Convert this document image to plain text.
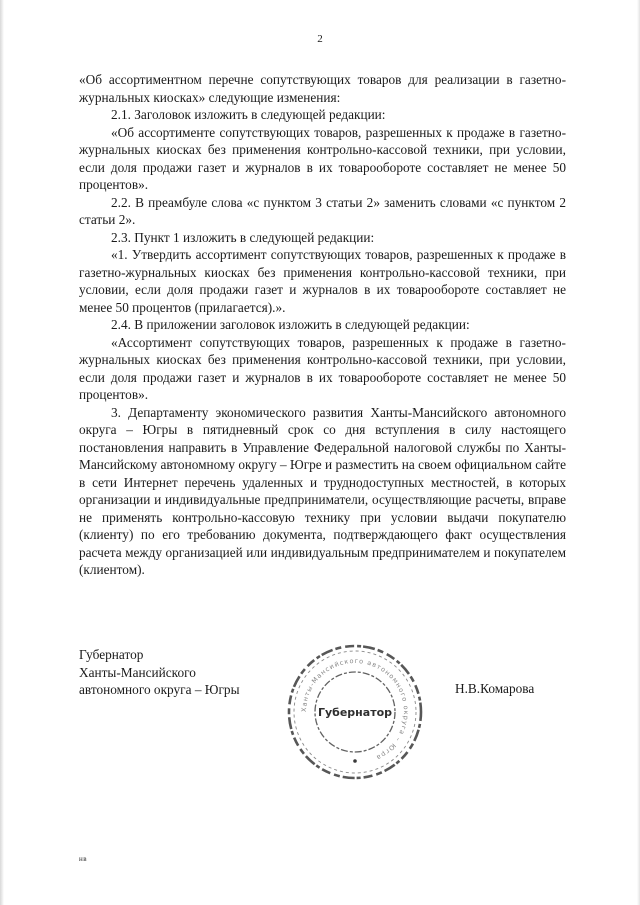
2

«Об ассортиментном перечне сопутствующих товаров для реализации в газетно-журнальных киосках» следующие изменения:

2.1. Заголовок изложить в следующей редакции:

«Об ассортименте сопутствующих товаров, разрешенных к продаже в газетно-журнальных киосках без применения контрольно-кассовой техники, при условии, если доля продажи газет и журналов в их товарообороте составляет не менее 50 процентов».

2.2. В преамбуле слова «с пунктом 3 статьи 2» заменить словами «с пунктом 2 статьи 2».

2.3. Пункт 1 изложить в следующей редакции:

«1. Утвердить ассортимент сопутствующих товаров, разрешенных к продаже в газетно-журнальных киосках без применения контрольно-кассовой техники, при условии, если доля продажи газет и журналов в их товарообороте составляет не менее 50 процентов (прилагается).».

2.4. В приложении заголовок изложить в следующей редакции:

«Ассортимент сопутствующих товаров, разрешенных к продаже в газетно-журнальных киосках без применения контрольно-кассовой техники, при условии, если доля продажи газет и журналов в их товарообороте составляет не менее 50 процентов».

3. Департаменту экономического развития Ханты-Мансийского автономного округа – Югры в пятидневный срок со дня вступления в силу настоящего постановления направить в Управление Федеральной налоговой службы по Ханты-Мансийскому автономному округу – Югре и разместить на своем официальном сайте в сети Интернет перечень удаленных и труднодоступных местностей, в которых организации и индивидуальные предприниматели, осуществляющие расчеты, вправе не применять контрольно-кассовую технику при условии выдачи покупателю (клиенту) по его требованию документа, подтверждающего факт осуществления расчета между организацией или индивидуальным предпринимателем и покупателем (клиентом).

Губернатор
Ханты-Мансийского
автономного округа – Югры
Ханты-Мансийского автономного округа – Югра
Губернатор
Н.В.Комарова
нв
